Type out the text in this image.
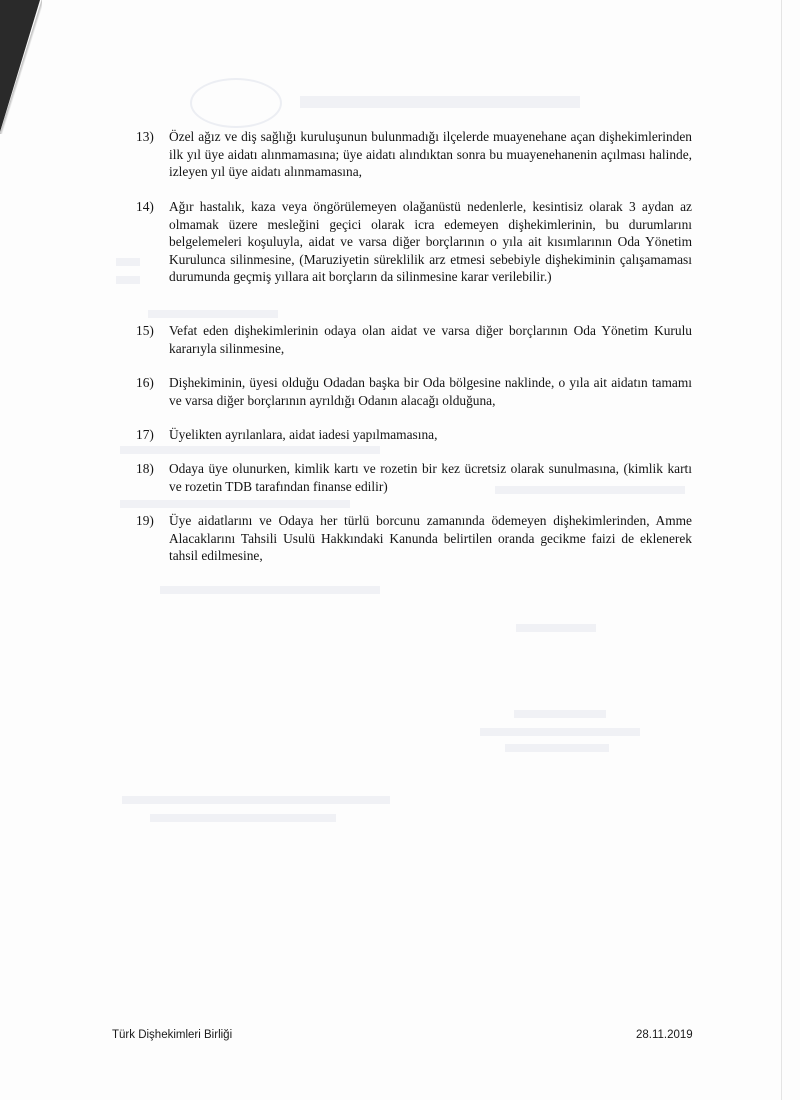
13)	Özel ağız ve diş sağlığı kuruluşunun bulunmadığı ilçelerde muayenehane açan dişhekimlerinden ilk yıl üye aidatı alınmamasına; üye aidatı alındıktan sonra bu muayenehanenin açılması halinde, izleyen yıl üye aidatı alınmamasına,
14)	Ağır hastalık, kaza veya öngörülemeyen olağanüstü nedenlerle, kesintisiz olarak 3 aydan az olmamak üzere mesleğini geçici olarak icra edemeyen dişhekimlerinin, bu durumlarını belgelemeleri koşuluyla, aidat ve varsa diğer borçlarının o yıla ait kısımlarının Oda Yönetim Kurulunca silinmesine, (Maruziyetin süreklilik arz etmesi sebebiyle dişhekiminin çalışamaması durumunda geçmiş yıllara ait borçların da silinmesine karar verilebilir.)
15)	Vefat eden dişhekimlerinin odaya olan aidat ve varsa diğer borçlarının Oda Yönetim Kurulu kararıyla silinmesine,
16)	Dişhekiminin, üyesi olduğu Odadan başka bir Oda bölgesine naklinde, o yıla ait aidatın tamamı ve varsa diğer borçlarının ayrıldığı Odanın alacağı olduğuna,
17)	Üyelikten ayrılanlara, aidat iadesi yapılmamasına,
18)	Odaya üye olunurken, kimlik kartı ve rozetin bir kez ücretsiz olarak sunulmasına, (kimlik kartı ve rozetin TDB tarafından finanse edilir)
19)	Üye aidatlarını ve Odaya her türlü borcunu zamanında ödemeyen dişhekimlerinden, Amme Alacaklarını Tahsili Usulü Hakkındaki Kanunda belirtilen oranda gecikme faizi de eklenerek tahsil edilmesine,
Türk Dişhekimleri Birliği	28.11.2019
